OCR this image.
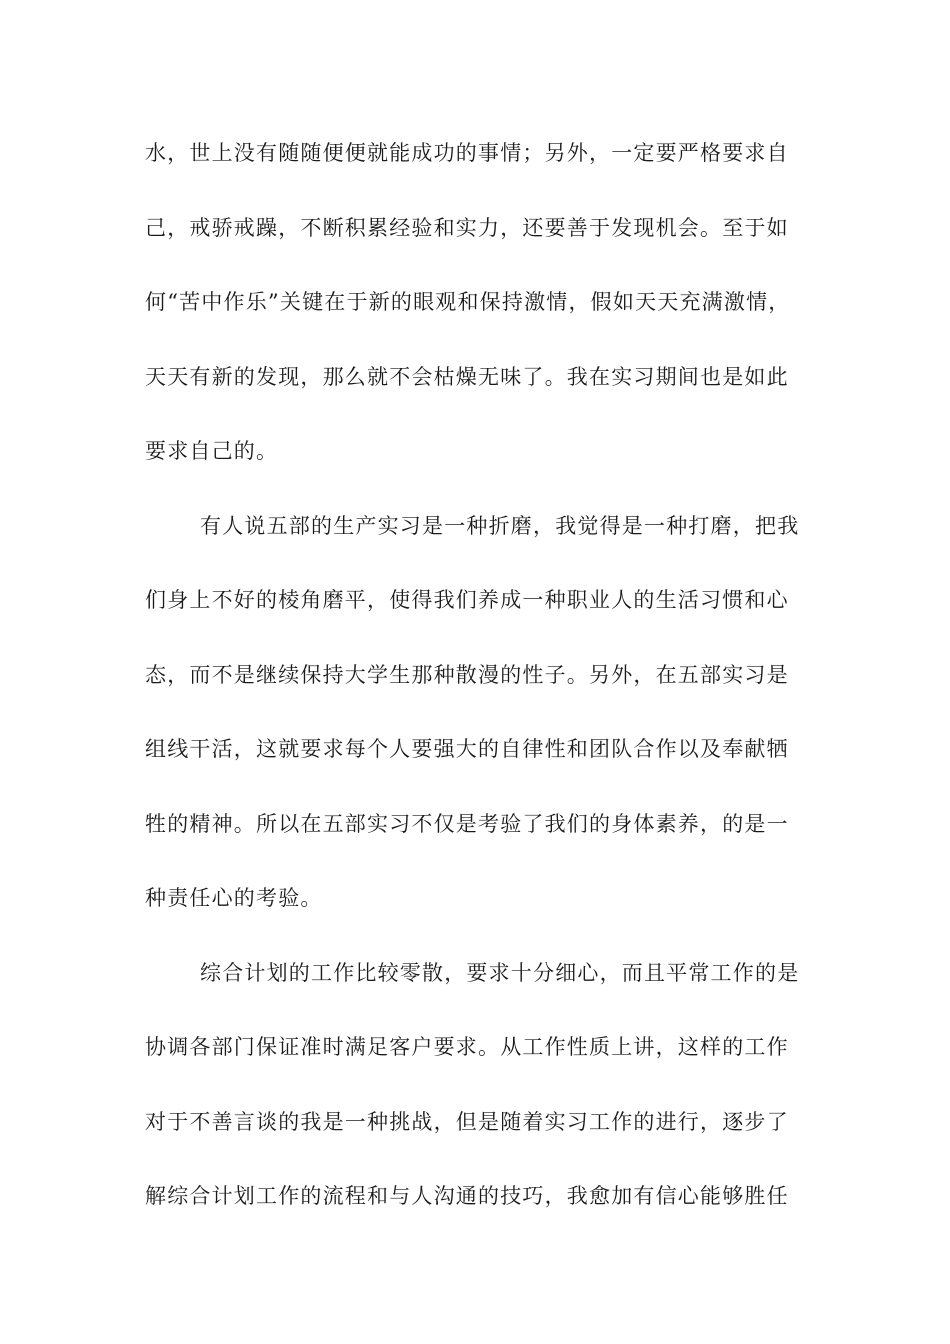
水，世上没有随随便便就能成功的事情；另外，一定要严格要求自
己，戒骄戒躁，不断积累经验和实力，还要善于发现机会。至于如
何“苦中作乐”关键在于新的眼观和保持激情，假如天天充满激情，
天天有新的发现，那么就不会枯燥无味了。我在实习期间也是如此
要求自己的。
有人说五部的生产实习是一种折磨，我觉得是一种打磨，把我
们身上不好的棱角磨平，使得我们养成一种职业人的生活习惯和心
态，而不是继续保持大学生那种散漫的性子。另外，在五部实习是
组线干活，这就要求每个人要强大的自律性和团队合作以及奉献牺
牲的精神。所以在五部实习不仅是考验了我们的身体素养，的是一
种责任心的考验。
综合计划的工作比较零散，要求十分细心，而且平常工作的是
协调各部门保证准时满足客户要求。从工作性质上讲，这样的工作
对于不善言谈的我是一种挑战，但是随着实习工作的进行，逐步了
解综合计划工作的流程和与人沟通的技巧，我愈加有信心能够胜任
